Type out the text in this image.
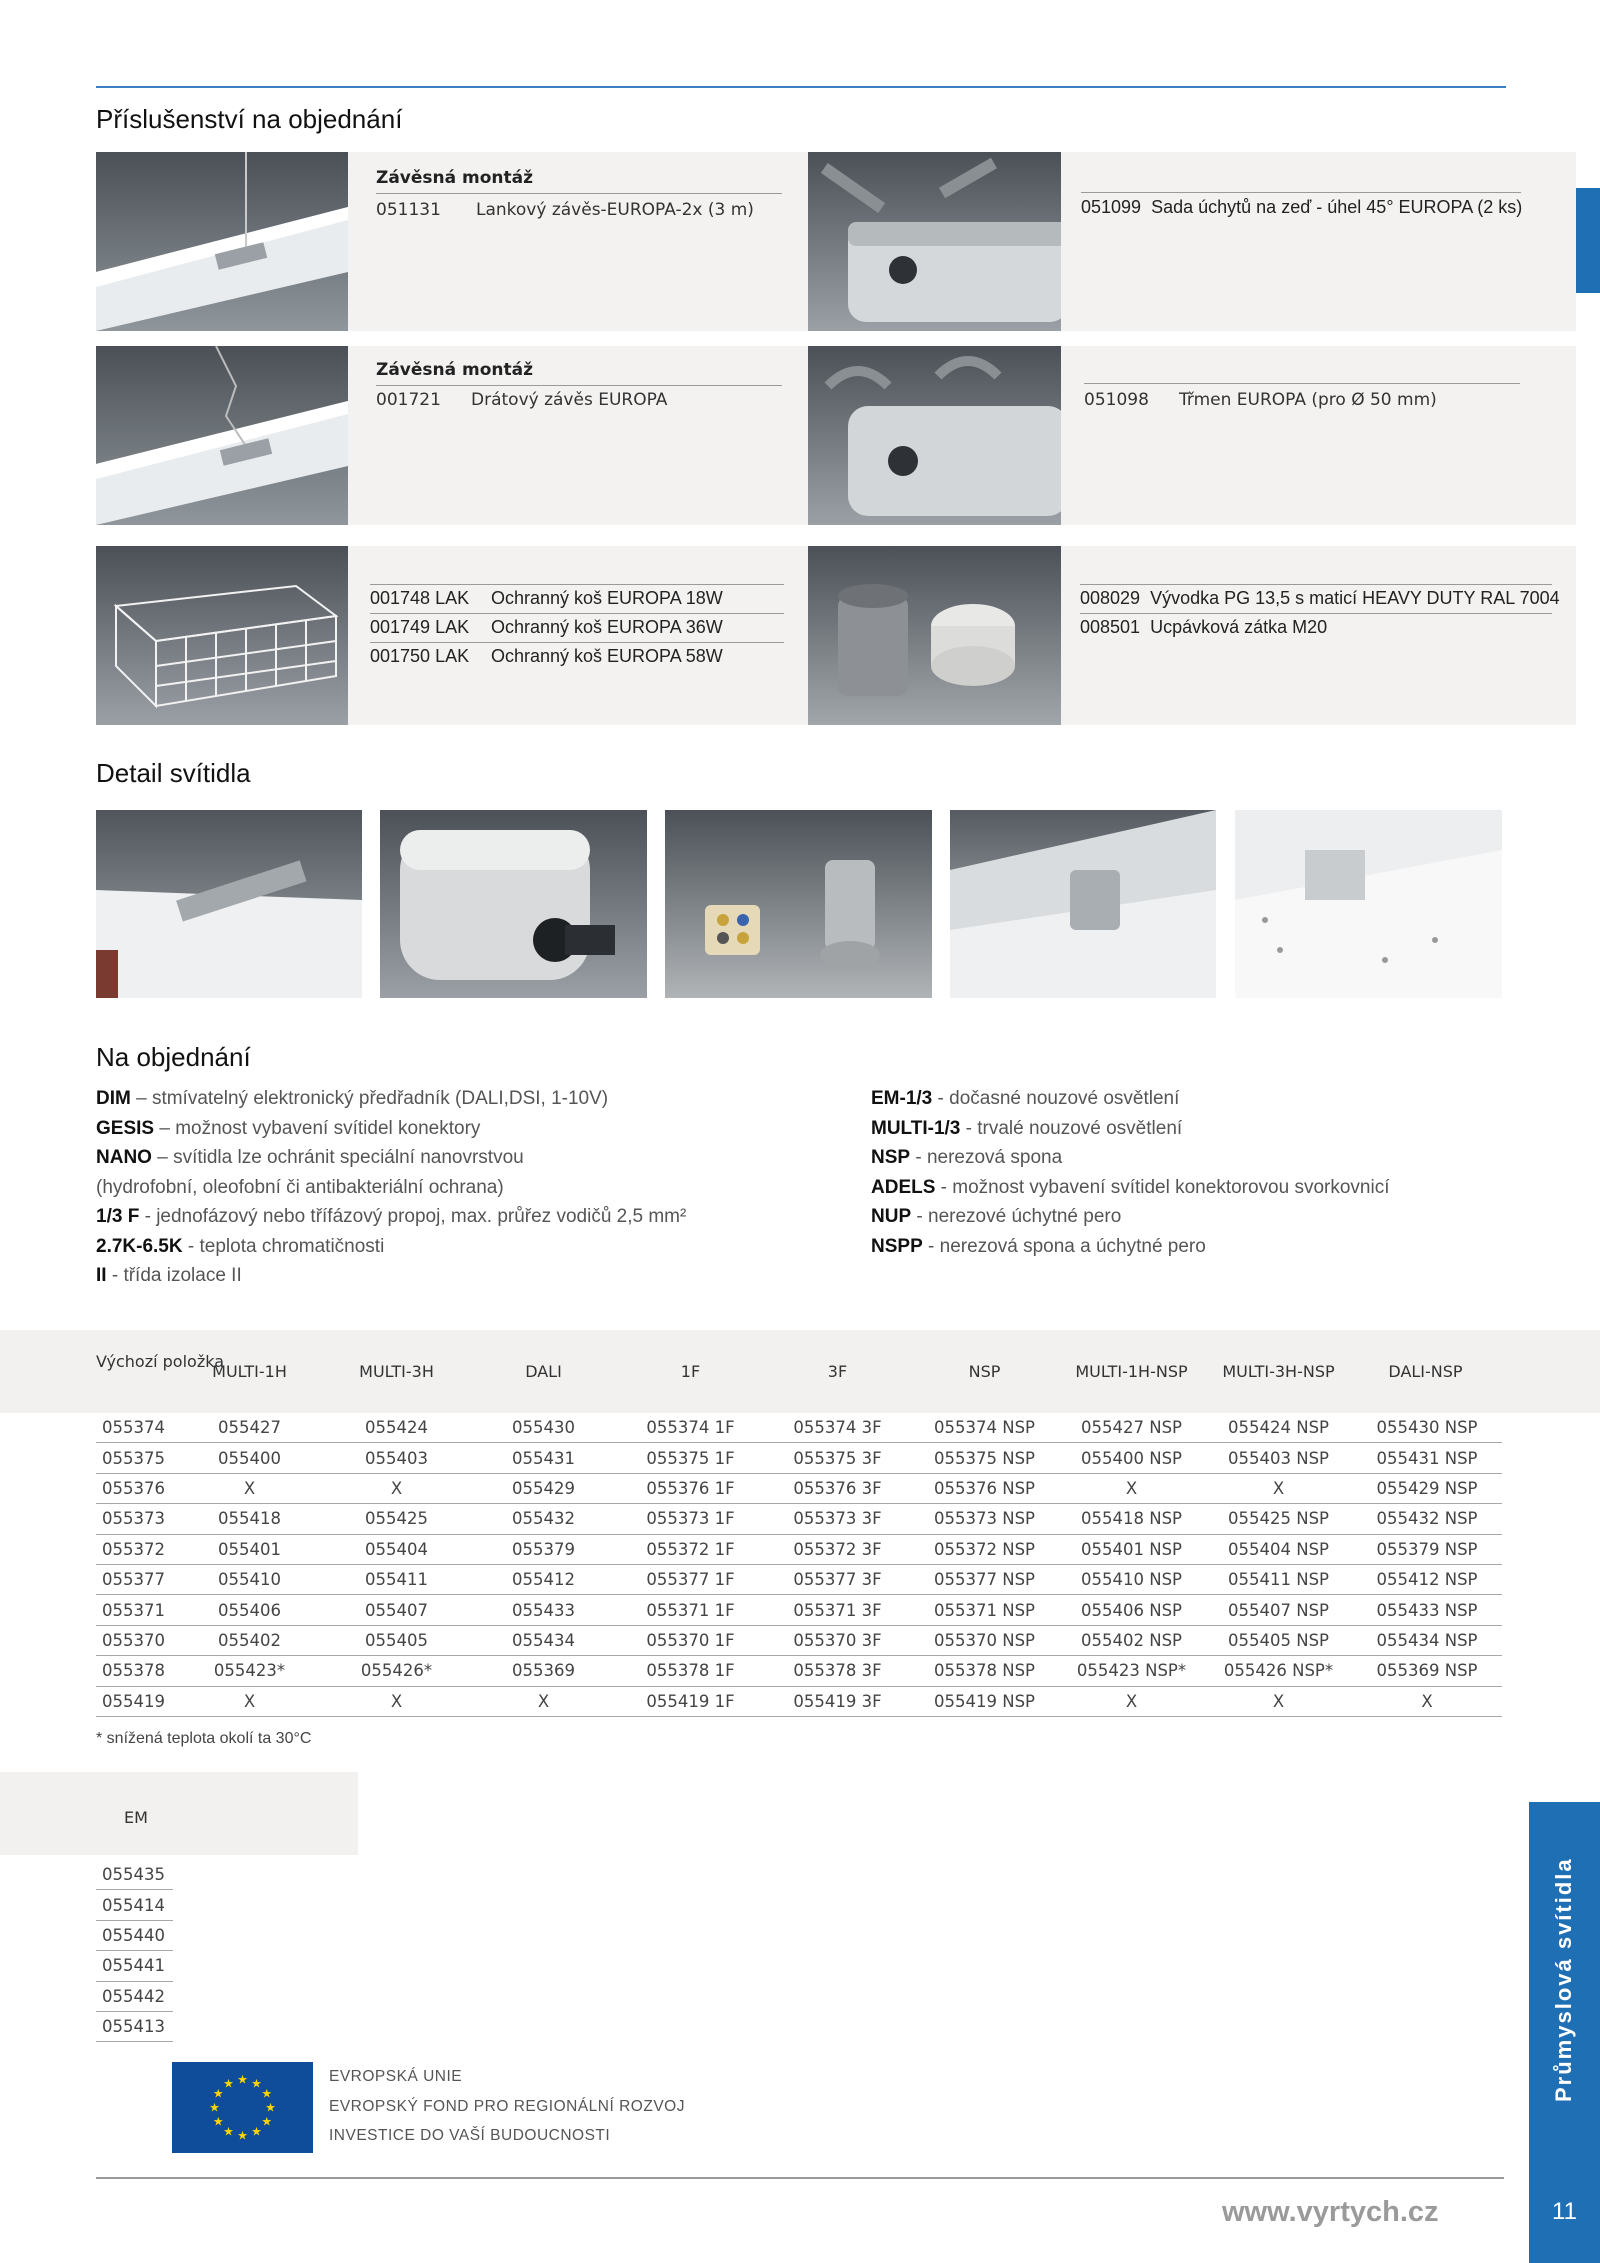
Příslušenství na objednání
Závěsná montáž
051131 Lankový závěs-EUROPA-2x (3 m)	051099 Sada úchytů na zeď - úhel 45° EUROPA (2 ks)
Závěsná montáž
001721 Drátový závěs EUROPA	051098 Třmen EUROPA (pro Ø 50 mm)
001748 LAK Ochranný koš EUROPA 18W
001749 LAK Ochranný koš EUROPA 36W
001750 LAK Ochranný koš EUROPA 58W
008029 Vývodka PG 13,5 s maticí HEAVY DUTY RAL 7004
008501 Ucpávková zátka M20
Detail svítidla
Na objednání
DIM – stmívatelný elektronický předřadník (DALI,DSI, 1-10V)
GESIS – možnost vybavení svítidel konektory
NANO – svítidla lze ochránit speciální nanovrstvou
(hydrofobní, oleofobní či antibakteriální ochrana)
1/3 F - jednofázový nebo třífázový propoj, max. průřez vodičů 2,5 mm²
2.7K-6.5K - teplota chromatičnosti
II - třída izolace II
EM-1/3 - dočasné nouzové osvětlení
MULTI-1/3 - trvalé nouzové osvětlení
NSP - nerezová spona
ADELS - možnost vybavení svítidel konektorovou svorkovnicí
NUP - nerezové úchytné pero
NSPP - nerezová spona a úchytné pero
Výchozí položka
MULTI-1H	MULTI-3H	DALI	1F	3F	NSP	MULTI-1H-NSP	MULTI-3H-NSP	DALI-NSP
055374	055427	055424	055430	055374 1F	055374 3F	055374 NSP	055427 NSP	055424 NSP	055430 NSP
055375	055400	055403	055431	055375 1F	055375 3F	055375 NSP	055400 NSP	055403 NSP	055431 NSP
055376	X	X	055429	055376 1F	055376 3F	055376 NSP	X	X	055429 NSP
055373	055418	055425	055432	055373 1F	055373 3F	055373 NSP	055418 NSP	055425 NSP	055432 NSP
055372	055401	055404	055379	055372 1F	055372 3F	055372 NSP	055401 NSP	055404 NSP	055379 NSP
055377	055410	055411	055412	055377 1F	055377 3F	055377 NSP	055410 NSP	055411 NSP	055412 NSP
055371	055406	055407	055433	055371 1F	055371 3F	055371 NSP	055406 NSP	055407 NSP	055433 NSP
055370	055402	055405	055434	055370 1F	055370 3F	055370 NSP	055402 NSP	055405 NSP	055434 NSP
055378	055423*	055426*	055369	055378 1F	055378 3F	055378 NSP	055423 NSP*	055426 NSP*	055369 NSP
055419	X	X	X	055419 1F	055419 3F	055419 NSP	X	X	X
* snížená teplota okolí ta 30°C
EM
055435
055414
055440
055441
055442
055413
★ ★
★
★
★
★
★
★
★
★
★
★	EVROPSKÁ UNIE
EVROPSKÝ FOND PRO REGIONÁLNÍ ROZVOJ
INVESTICE DO VAŠÍ BUDOUCNOSTI
www.vyrtych.cz
Průmyslová svítidla
11
